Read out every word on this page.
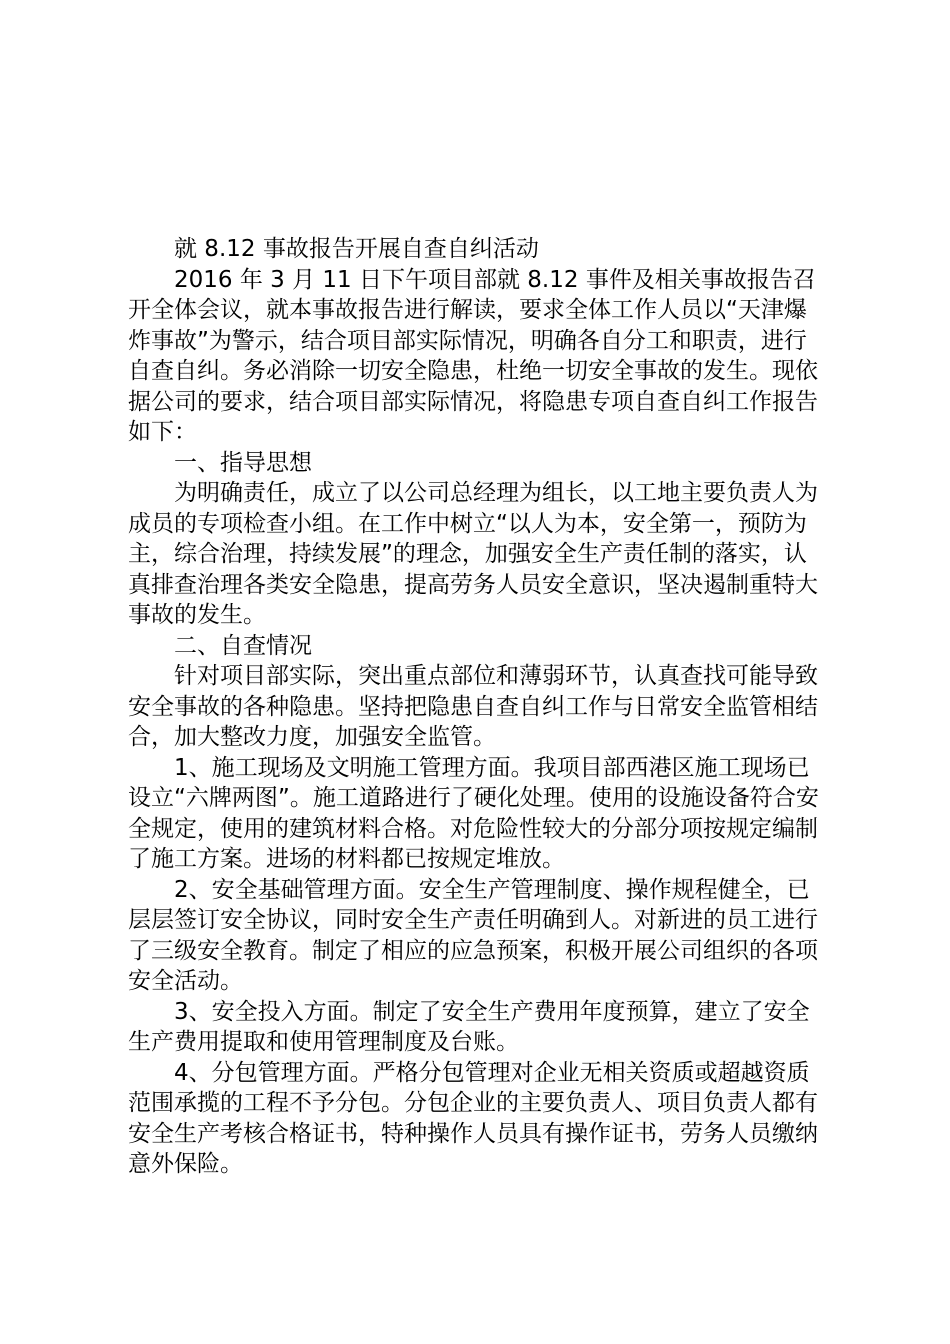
就 8.12 事故报告开展自查自纠活动

2016 年 3 月 11 日下午项目部就 8.12 事件及相关事故报告召开全体会议，就本事故报告进行解读，要求全体工作人员以“天津爆炸事故”为警示，结合项目部实际情况，明确各自分工和职责，进行自查自纠。务必消除一切安全隐患，杜绝一切安全事故的发生。现依据公司的要求，结合项目部实际情况，将隐患专项自查自纠工作报告如下：

一、指导思想

为明确责任，成立了以公司总经理为组长，以工地主要负责人为成员的专项检查小组。在工作中树立“以人为本，安全第一，预防为主，综合治理，持续发展”的理念，加强安全生产责任制的落实，认真排查治理各类安全隐患，提高劳务人员安全意识，坚决遏制重特大事故的发生。

二、自查情况

针对项目部实际，突出重点部位和薄弱环节，认真查找可能导致安全事故的各种隐患。坚持把隐患自查自纠工作与日常安全监管相结合，加大整改力度，加强安全监管。

1、施工现场及文明施工管理方面。我项目部西港区施工现场已设立“六牌两图”。施工道路进行了硬化处理。使用的设施设备符合安全规定，使用的建筑材料合格。对危险性较大的分部分项按规定编制了施工方案。进场的材料都已按规定堆放。

2、安全基础管理方面。安全生产管理制度、操作规程健全，已层层签订安全协议，同时安全生产责任明确到人。对新进的员工进行了三级安全教育。制定了相应的应急预案，积极开展公司组织的各项安全活动。

3、安全投入方面。制定了安全生产费用年度预算，建立了安全生产费用提取和使用管理制度及台账。

4、分包管理方面。严格分包管理对企业无相关资质或超越资质范围承揽的工程不予分包。分包企业的主要负责人、项目负责人都有安全生产考核合格证书，特种操作人员具有操作证书，劳务人员缴纳意外保险。
